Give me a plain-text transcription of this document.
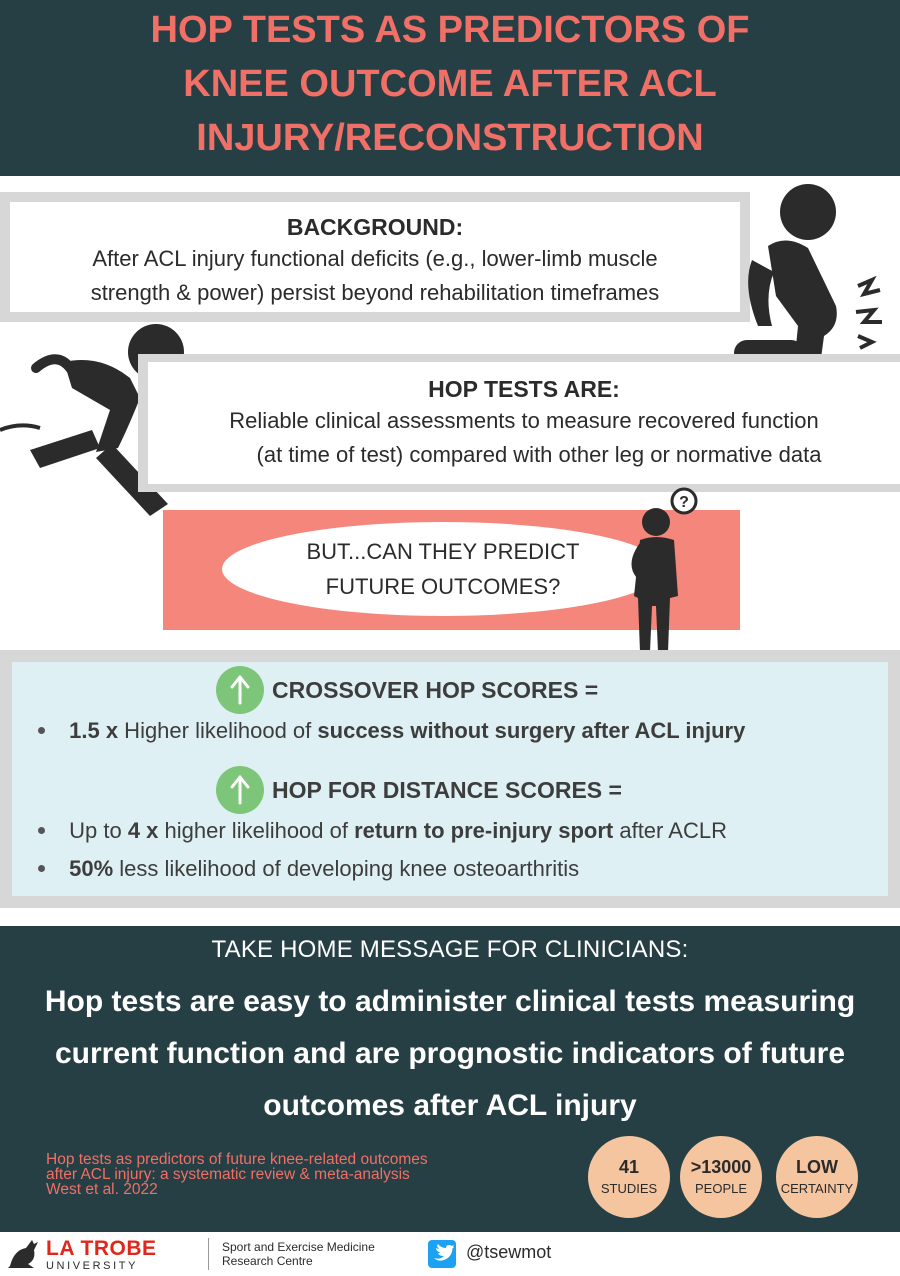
HOP TESTS AS PREDICTORS OF KNEE OUTCOME AFTER ACL INJURY/RECONSTRUCTION
BACKGROUND:
After ACL injury functional deficits (e.g., lower-limb muscle
strength & power) persist beyond rehabilitation timeframes
HOP TESTS ARE:
Reliable clinical assessments to measure recovered function
(at time of test) compared with other leg or normative data
BUT...CAN THEY PREDICT
FUTURE OUTCOMES?
?
CROSSOVER HOP SCORES =
1.5 x Higher likelihood of success without surgery after ACL injury
HOP FOR DISTANCE SCORES =
Up to 4 x higher likelihood of return to pre-injury sport after ACLR
50% less likelihood of developing knee osteoarthritis
TAKE HOME MESSAGE FOR CLINICIANS:
Hop tests are easy to administer clinical tests measuring current function and are prognostic indicators of future outcomes after ACL injury
Hop tests as predictors of future knee-related outcomes
after ACL injury: a systematic review & meta-analysis
West et al. 2022
41
STUDIES
>13000
PEOPLE
LOW
CERTAINTY
LA TROBE
UNIVERSITY
Sport and Exercise Medicine
Research Centre	@tsewmot
